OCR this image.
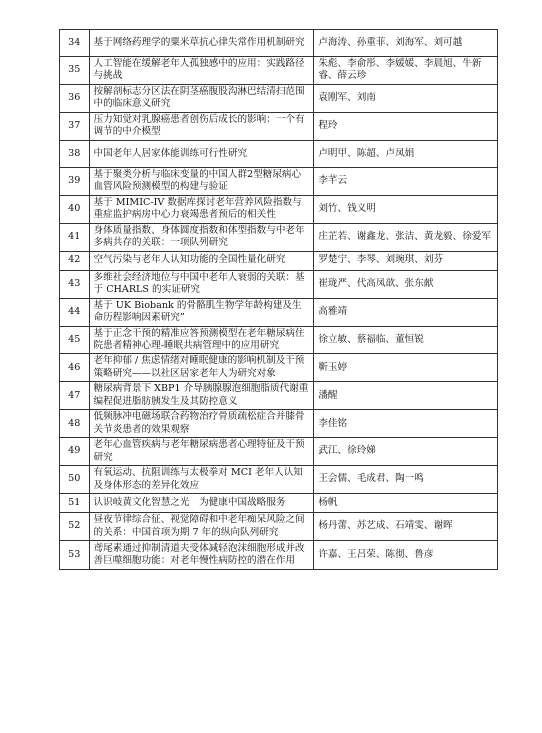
34	基于网络药理学的粟米草抗心律失常作用机制研究	卢海涛、孙重菲、刘海军、刘可越
35	人工智能在缓解老年人孤独感中的应用：实践路径与挑战	朱彪、李俞彤、李媛媛、李晨旭、牛新睿、薛云珍
36	按解剖标志分区法在阴茎癌腹股沟淋巴结清扫范围中的临床意义研究	袁刚军、刘南
37	压力知觉对乳腺癌患者创伤后成长的影响：一个有调节的中介模型	程玲
38	中国老年人居家体能训练可行性研究	卢明甲、陈超、卢凤娟
39	基于聚类分析与临床变量的中国人群2型糖尿病心血管风险预测模型的构建与验证	李芊云
40	基于 MIMIC-IV 数据库探讨老年营养风险指数与重症监护病房中心力衰竭患者预后的相关性	刘竹、钱义明
41	身体质量指数、身体圆度指数和体型指数与中老年多病共存的关联：一项队列研究	庄芷若、谢鑫龙、张洁、黄龙毅、徐爱军
42	空气污染与老年人认知功能的全国性量化研究	罗楚宁、李琴、刘琬琪、刘芬
43	多维社会经济地位与中国中老年人衰弱的关联：基于 CHARLS 的实证研究	崔珑严、代高凤歆、张东献
44	基于 UK Biobank 的骨骼肌生物学年龄构建及生命历程影响因素研究”	高雅靖
45	基于正念干预的精准应答预测模型在老年糖尿病住院患者精神心理-睡眠共病管理中的应用研究	徐立敏、蔡福临、董恒锐
46	老年抑郁 / 焦虑情绪对睡眠健康的影响机制及干预策略研究——以社区居家老年人为研究对象	靳玉婷
47	糖尿病背景下 XBP1 介导胰腺腺泡细胞脂质代谢重编程促进脂肪胰发生及其防控意义	潘醒
48	低频脉冲电磁场联合药物治疗骨质疏松症合并膝骨关节炎患者的效果观察	李佳铭
49	老年心血管疾病与老年糖尿病患者心理特征及干预研究	武江、徐玲娣
50	有氧运动、抗阻训练与太极拳对 MCI 老年人认知及身体形态的差异化效应	王会儒、毛成君、陶一鸣
51	认识岐黄文化智慧之光　为健康中国战略服务	杨帆
52	昼夜节律综合征、视觉障碍和中老年痴呆风险之间的关系：中国首项为期 7 年的纵向队列研究	杨丹蕾、苏艺成、石靖雯、谢晖
53	鸢尾素通过抑制清道夫受体减轻泡沫细胞形成并改善巨噬细胞功能：对老年慢性病防控的潜在作用	许嘉、王吕荣、陈彻、鲁彦
